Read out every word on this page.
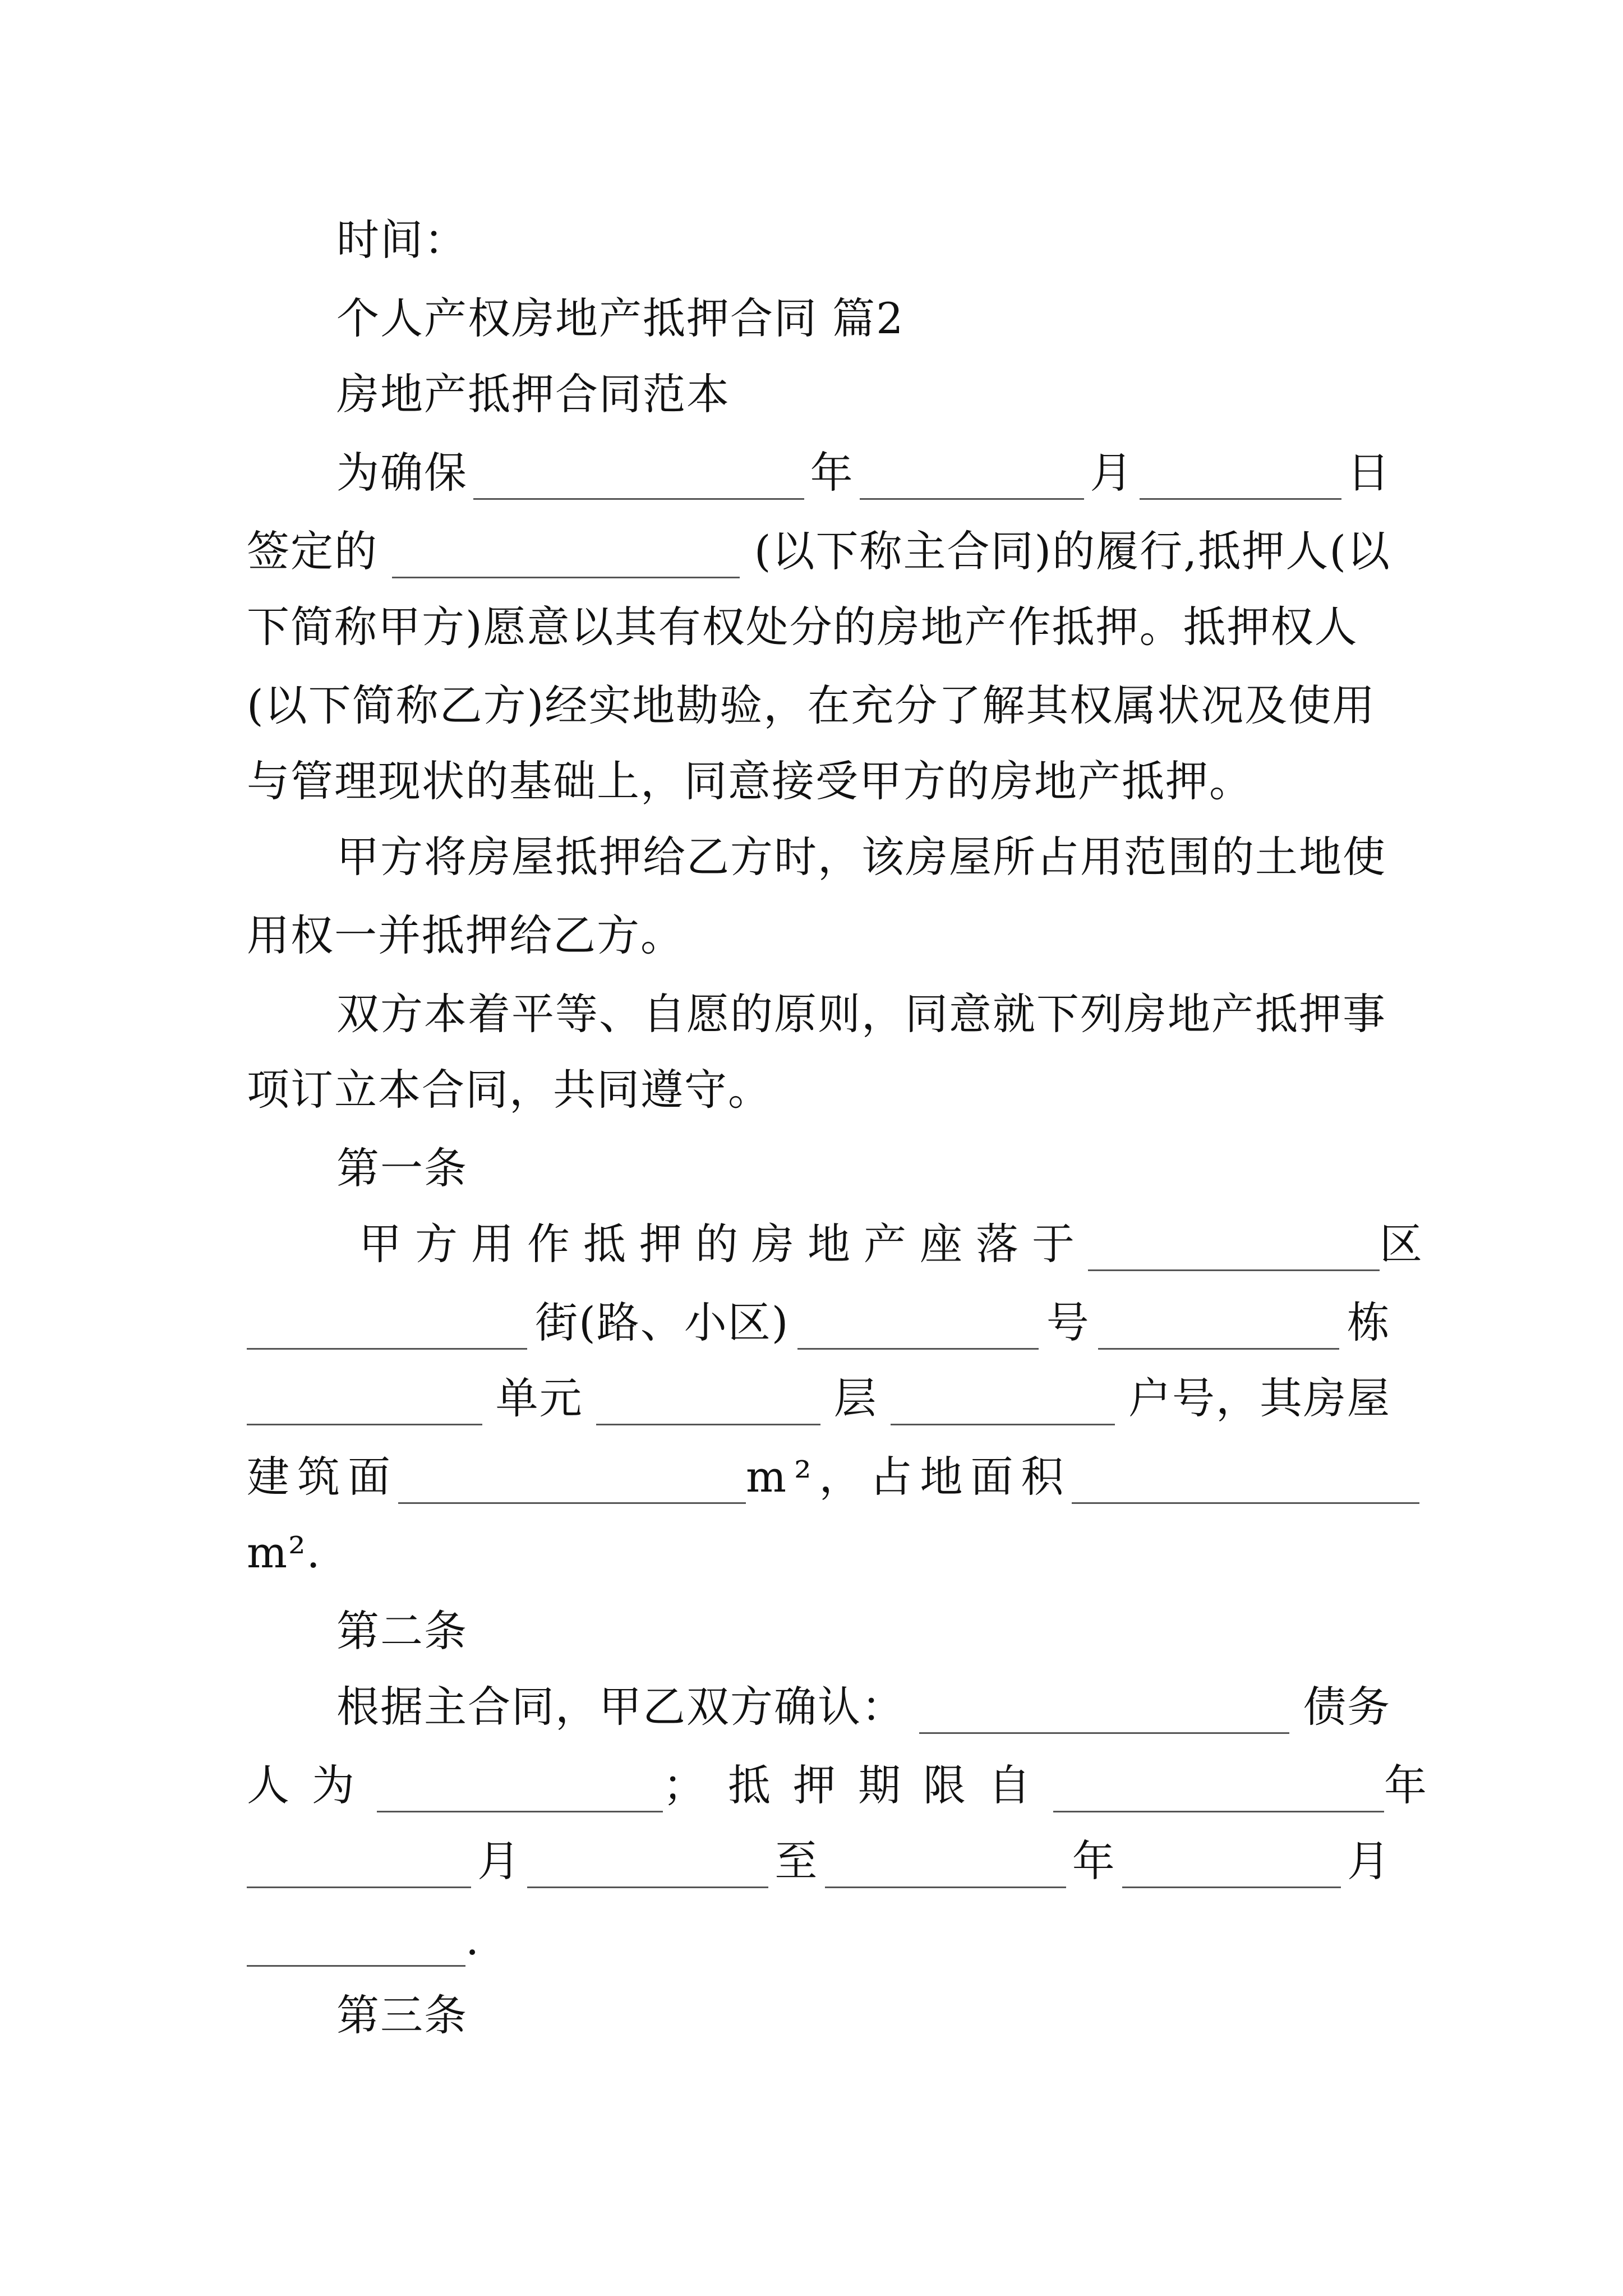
时间：
个人产权房地产抵押合同 篇2
房地产抵押合同范本
为确保	年	月	日
签定的	(以下称主合同)的履行,抵押人(以
下简称甲方)愿意以其有权处分的房地产作抵押。抵押权人
(以下简称乙方)经实地勘验，在充分了解其权属状况及使用
与管理现状的基础上，同意接受甲方的房地产抵押。
甲方将房屋抵押给乙方时，该房屋所占用范围的土地使
用权一并抵押给乙方。
双方本着平等、自愿的原则，同意就下列房地产抵押事
项订立本合同，共同遵守。
第一条
甲方用作抵押的房地产座落于	区
街(路、小区)	号	栋
单元	层	户号，其房屋
建筑面	m²，占地面积
m².
第二条
根据主合同，甲乙双方确认：	债务
人为	；抵押期限自	年
月	至	年	月
.
第三条
